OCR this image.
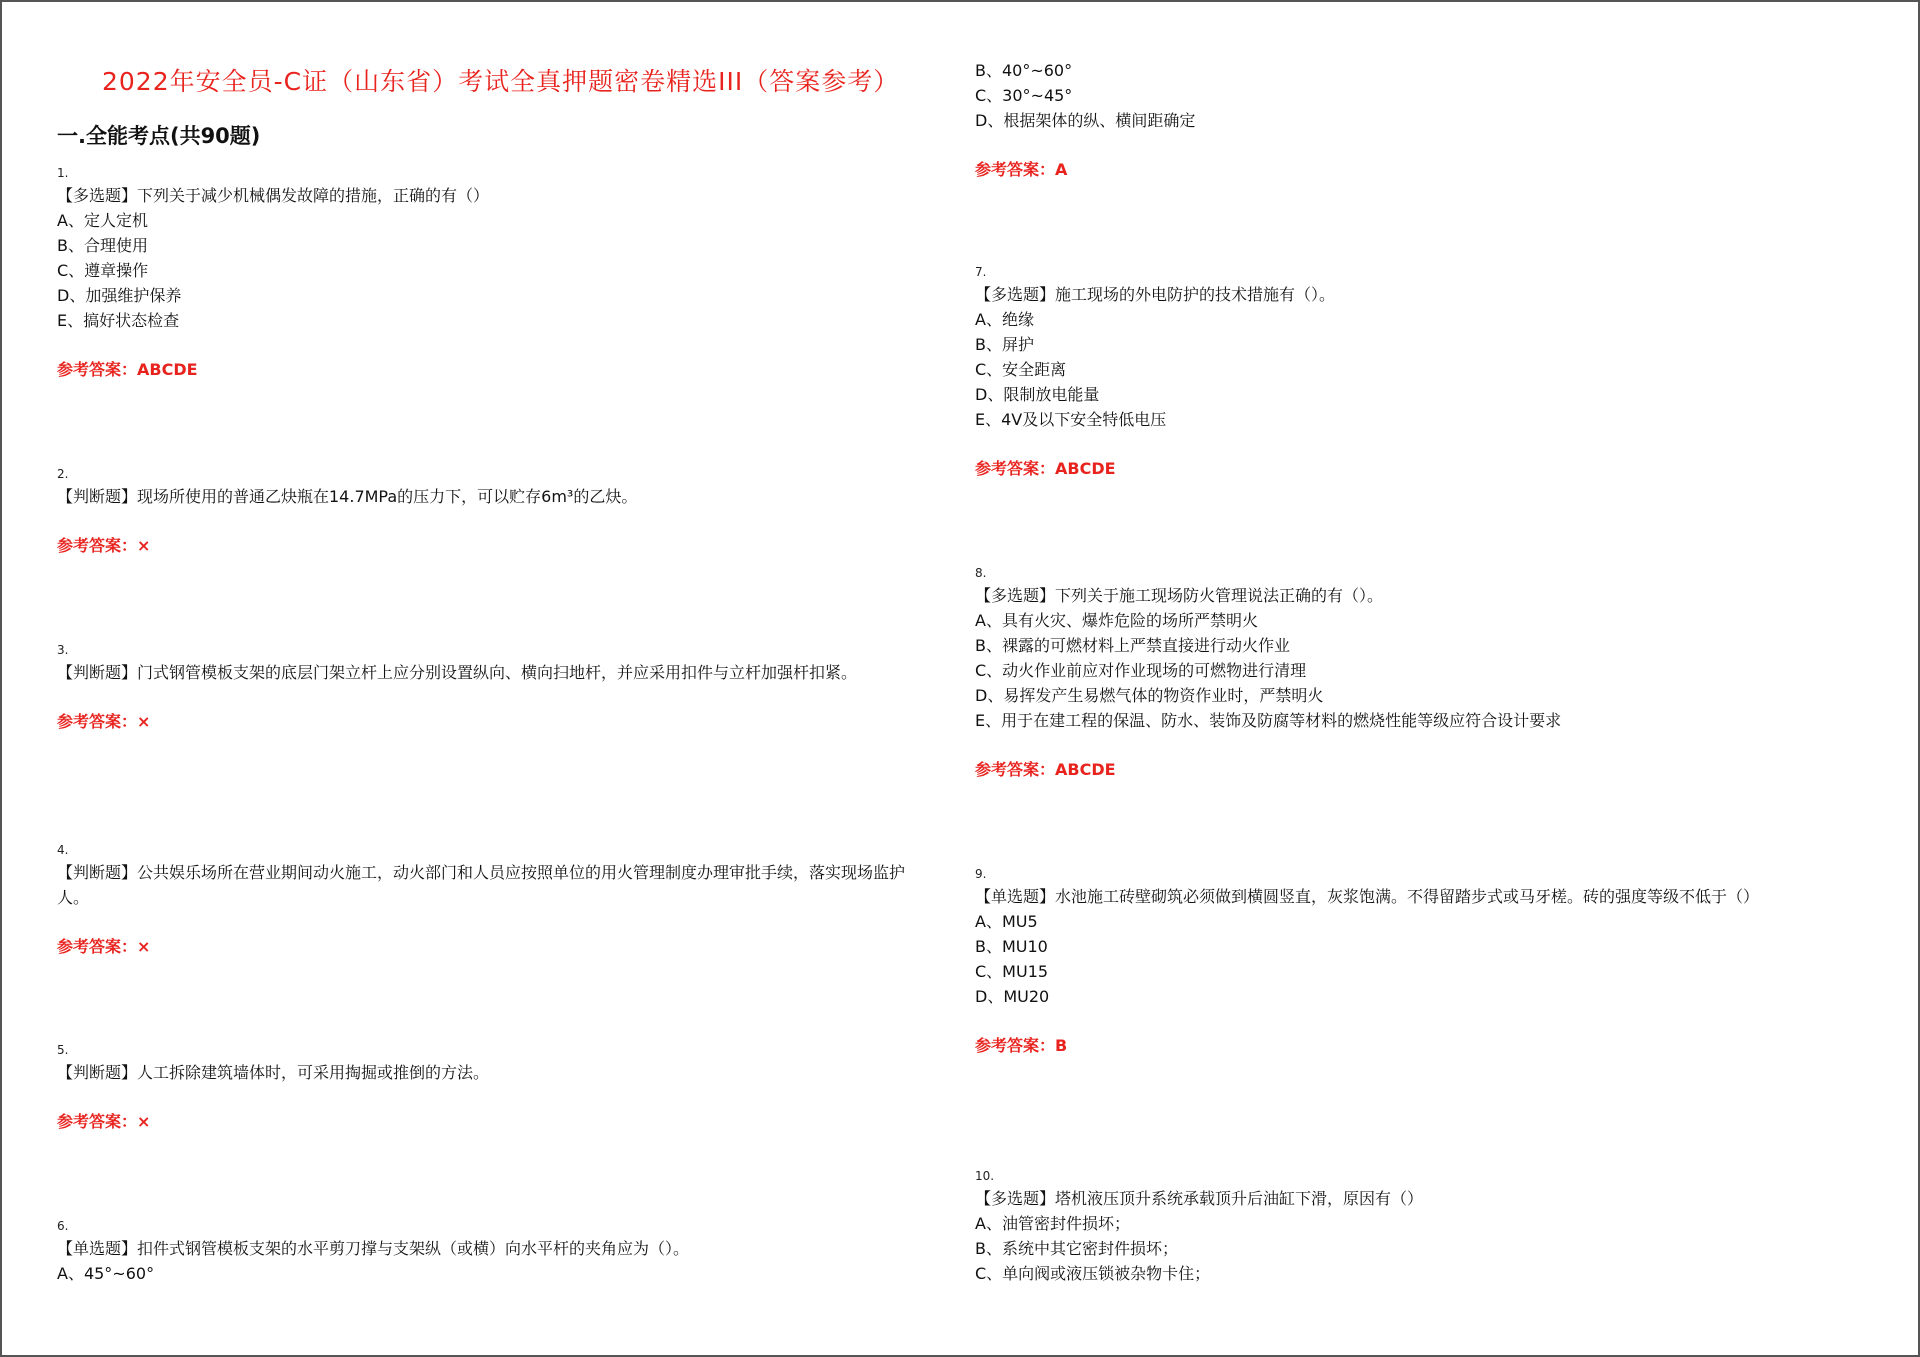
2022年安全员-C证（山东省）考试全真押题密卷精选III（答案参考）
一.全能考点(共90题)
1.
【多选题】下列关于减少机械偶发故障的措施，正确的有（）
A、定人定机
B、合理使用
C、遵章操作
D、加强维护保养
E、搞好状态检查
参考答案：ABCDE
2.
【判断题】现场所使用的普通乙炔瓶在14.7MPa的压力下，可以贮存6m³的乙炔。
参考答案：×
3.
【判断题】门式钢管模板支架的底层门架立杆上应分别设置纵向、横向扫地杆，并应采用扣件与立杆加强杆扣紧。
参考答案：×
4.
【判断题】公共娱乐场所在营业期间动火施工，动火部门和人员应按照单位的用火管理制度办理审批手续，落实现场监护人。
参考答案：×
5.
【判断题】人工拆除建筑墙体时，可采用掏掘或推倒的方法。
参考答案：×
6.
【单选题】扣件式钢管模板支架的水平剪刀撑与支架纵（或横）向水平杆的夹角应为（）。
A、45°~60°
B、40°~60°
C、30°~45°
D、根据架体的纵、横间距确定
参考答案：A
7.
【多选题】施工现场的外电防护的技术措施有（）。
A、绝缘
B、屏护
C、安全距离
D、限制放电能量
E、4V及以下安全特低电压
参考答案：ABCDE
8.
【多选题】下列关于施工现场防火管理说法正确的有（）。
A、具有火灾、爆炸危险的场所严禁明火
B、裸露的可燃材料上严禁直接进行动火作业
C、动火作业前应对作业现场的可燃物进行清理
D、易挥发产生易燃气体的物资作业时，严禁明火
E、用于在建工程的保温、防水、装饰及防腐等材料的燃烧性能等级应符合设计要求
参考答案：ABCDE
9.
【单选题】水池施工砖壁砌筑必须做到横圆竖直，灰浆饱满。不得留踏步式或马牙槎。砖的强度等级不低于（）
A、MU5
B、MU10
C、MU15
D、MU20
参考答案：B
10.
【多选题】塔机液压顶升系统承载顶升后油缸下滑，原因有（）
A、油管密封件损坏；
B、系统中其它密封件损坏；
C、单向阀或液压锁被杂物卡住；
